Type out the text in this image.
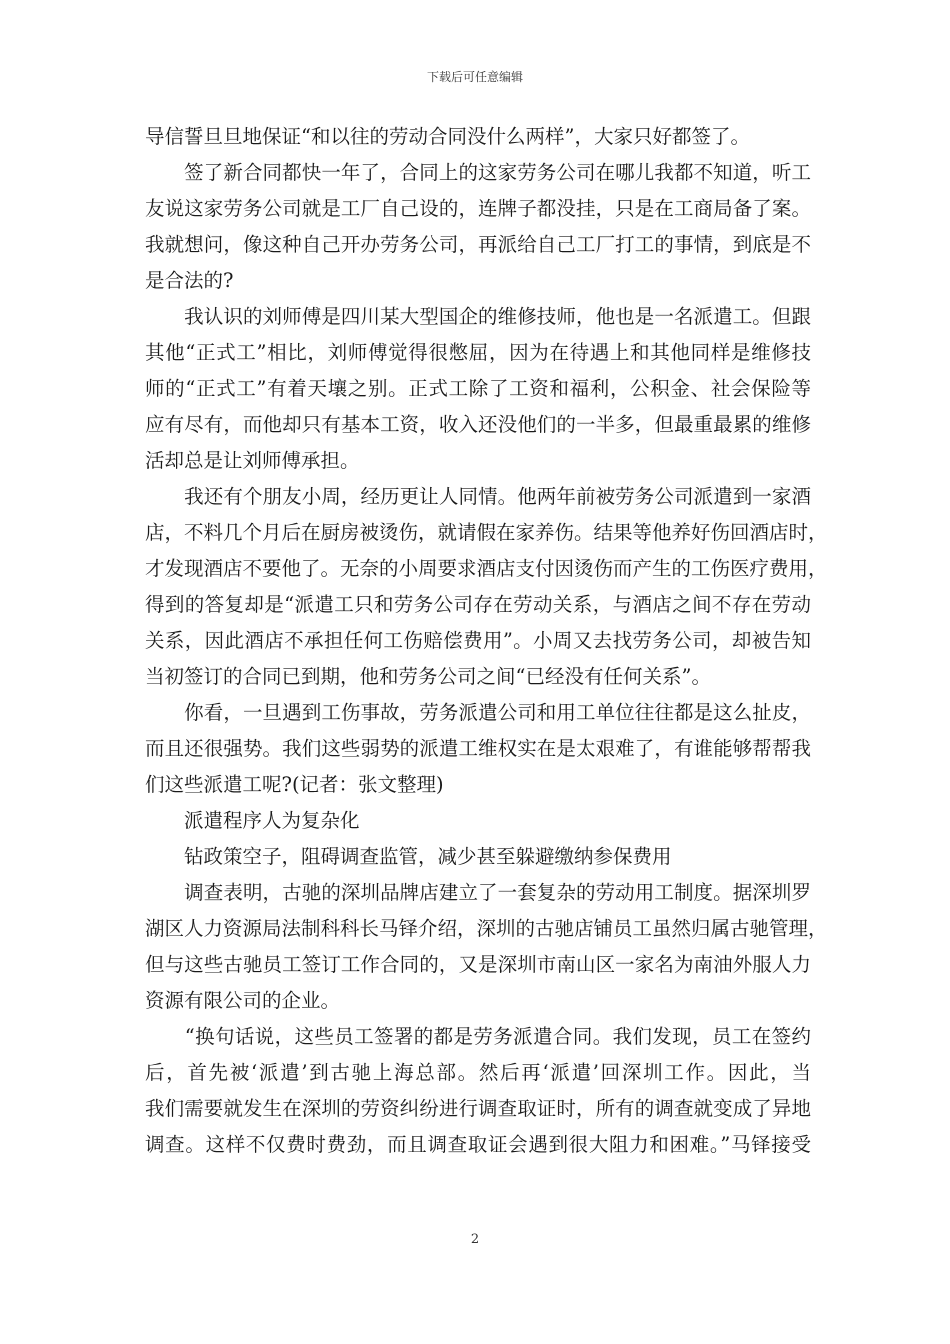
下载后可任意编辑
导信誓旦旦地保证“和以往的劳动合同没什么两样”，大家只好都签了。
　　签了新合同都快一年了，合同上的这家劳务公司在哪儿我都不知道，听工
友说这家劳务公司就是工厂自己设的，连牌子都没挂，只是在工商局备了案。
我就想问，像这种自己开办劳务公司，再派给自己工厂打工的事情，到底是不
是合法的?
　　我认识的刘师傅是四川某大型国企的维修技师，他也是一名派遣工。但跟
其他“正式工”相比，刘师傅觉得很憋屈，因为在待遇上和其他同样是维修技
师的“正式工”有着天壤之别。正式工除了工资和福利，公积金、社会保险等
应有尽有，而他却只有基本工资，收入还没他们的一半多，但最重最累的维修
活却总是让刘师傅承担。
　　我还有个朋友小周，经历更让人同情。他两年前被劳务公司派遣到一家酒
店，不料几个月后在厨房被烫伤，就请假在家养伤。结果等他养好伤回酒店时，
才发现酒店不要他了。无奈的小周要求酒店支付因烫伤而产生的工伤医疗费用，
得到的答复却是“派遣工只和劳务公司存在劳动关系，与酒店之间不存在劳动
关系，因此酒店不承担任何工伤赔偿费用”。小周又去找劳务公司，却被告知
当初签订的合同已到期，他和劳务公司之间“已经没有任何关系”。
　　你看，一旦遇到工伤事故，劳务派遣公司和用工单位往往都是这么扯皮，
而且还很强势。我们这些弱势的派遣工维权实在是太艰难了，有谁能够帮帮我
们这些派遣工呢?(记者：张文整理)
　　派遣程序人为复杂化
　　钻政策空子，阻碍调查监管，减少甚至躲避缴纳参保费用
　　调查表明，古驰的深圳品牌店建立了一套复杂的劳动用工制度。据深圳罗
湖区人力资源局法制科科长马铎介绍，深圳的古驰店铺员工虽然归属古驰管理，
但与这些古驰员工签订工作合同的，又是深圳市南山区一家名为南油外服人力
资源有限公司的企业。
　　“换句话说，这些员工签署的都是劳务派遣合同。我们发现，员工在签约
后，首先被‘派遣’到古驰上海总部。然后再‘派遣’回深圳工作。因此，当
我们需要就发生在深圳的劳资纠纷进行调查取证时，所有的调查就变成了异地
调查。这样不仅费时费劲，而且调查取证会遇到很大阻力和困难。”马铎接受
2
